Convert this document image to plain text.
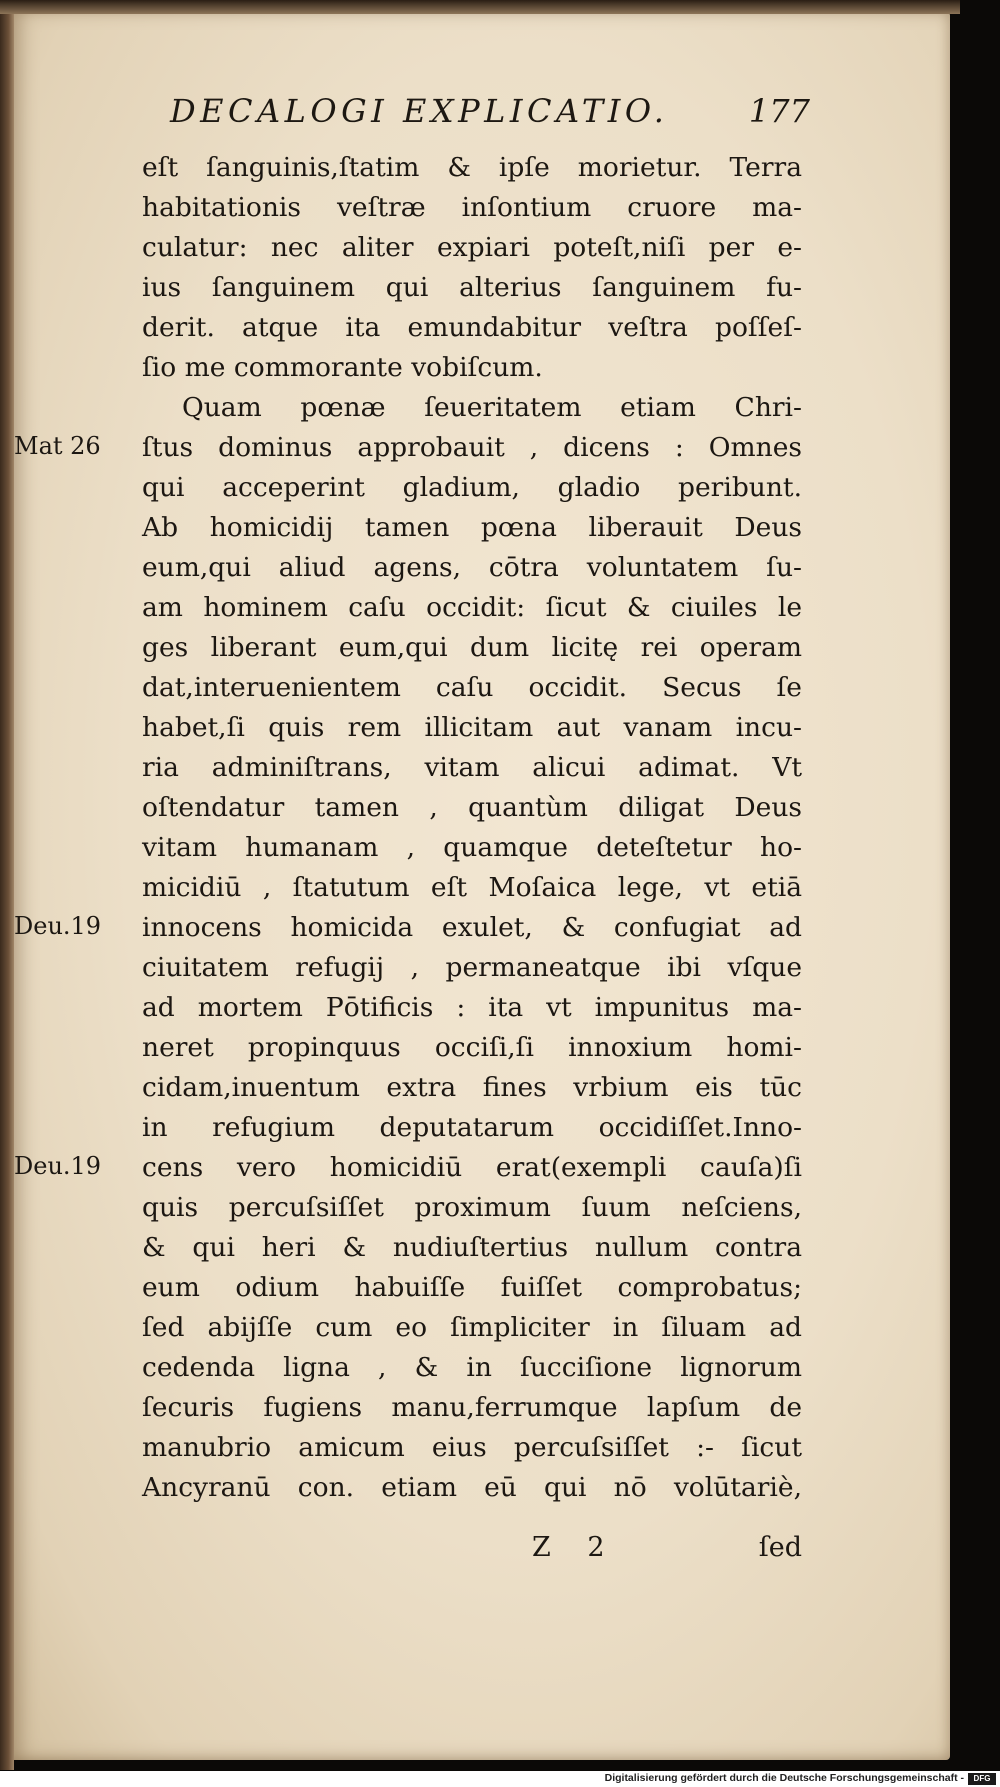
DECALOGI EXPLICATIO.	177
eſt ſanguinis,ſtatim & ipſe morietur. Terra
habitationis veſtræ inſontium cruore ma-
culatur: nec aliter expiari poteſt,niſi per e-
ius ſanguinem qui alterius ſanguinem fu-
derit. atque ita emundabitur veſtra poſſeſ-
ſio me commorante vobiſcum.
Quam pœnæ ſeueritatem etiam Chri-
ſtus dominus approbauit , dicens : Omnes
qui acceperint gladium, gladio peribunt.
Ab homicidij tamen pœna liberauit Deus
eum,qui aliud agens, cōtra voluntatem ſu-
am hominem caſu occidit: ſicut & ciuiles le
ges liberant eum,qui dum licitę rei operam
dat,interuenientem caſu occidit. Secus ſe
habet,ſi quis rem illicitam aut vanam incu-
ria adminiſtrans, vitam alicui adimat. Vt
oſtendatur tamen , quantùm diligat Deus
vitam humanam , quamque deteſtetur ho-
micidiū , ſtatutum eſt Moſaica lege, vt etiā
innocens homicida exulet, & confugiat ad
ciuitatem refugij , permaneatque ibi vſque
ad mortem Pōtificis : ita vt impunitus ma-
neret propinquus occiſi,ſi innoxium homi-
cidam,inuentum extra fines vrbium eis tūc
in refugium deputatarum occidiſſet.Inno-
cens vero homicidiū erat(exempli cauſa)ſi
quis percuſsiſſet proximum ſuum neſciens,
& qui heri & nudiuſtertius nullum contra
eum odium habuiſſe fuiſſet comprobatus;
ſed abijſſe cum eo ſimpliciter in ſiluam ad
cedenda ligna , & in ſucciſione lignorum
ſecuris fugiens manu,ferrumque lapſum de
manubrio amicum eius percuſsiſſet :- ſicut
Ancyranū con. etiam eū qui nō volūtariè,
Mat 26
Deu.19
Deu.19
Z 2	ſed
Digitalisierung gefördert durch die Deutsche Forschungsgemeinschaft -	DFG
